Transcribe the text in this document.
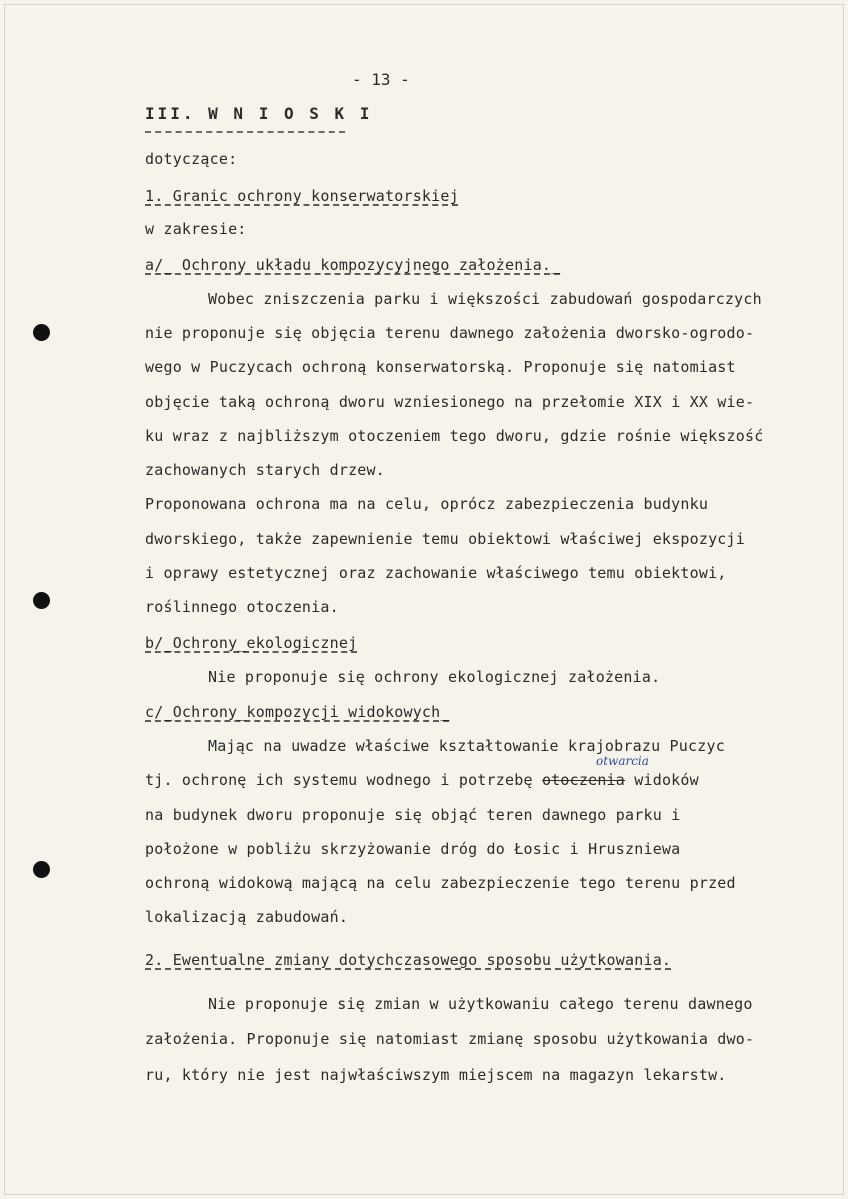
- 13 -
III. W N I O S K I
dotyczące:
1. Granic ochrony konserwatorskiej
w zakresie:
a/_ Ochrony układu kompozycyjnego założenia._
Wobec zniszczenia parku i większości zabudowań gospodarczych
nie proponuje się objęcia terenu dawnego założenia dworsko-ogrodo-
wego w Puczycach ochroną konserwatorską. Proponuje się natomiast
objęcie taką ochroną dworu wzniesionego na przełomie XIX i XX wie-
ku wraz z najbliższym otoczeniem tego dworu, gdzie rośnie większość
zachowanych starych drzew.
Proponowana ochrona ma na celu, oprócz zabezpieczenia budynku
dworskiego, także zapewnienie temu obiektowi właściwej ekspozycji
i oprawy estetycznej oraz zachowanie właściwego temu obiektowi,
roślinnego otoczenia.
b/_Ochrony_ekologicznej
Nie proponuje się ochrony ekologicznej założenia.
c/_Ochrony_kompozycji widokowych_
Mając na uwadze właściwe kształtowanie krajobrazu Puczyc
otwarcia
tj. ochronę ich systemu wodnego i potrzebę otoczenia widoków
na budynek dworu proponuje się objąć teren dawnego parku i
położone w pobliżu skrzyżowanie dróg do Łosic i Hruszniewa
ochroną widokową mającą na celu zabezpieczenie tego terenu przed
lokalizacją zabudowań.
2. Ewentualne zmiany dotychczasowego sposobu użytkowania.
Nie proponuje się zmian w użytkowaniu całego terenu dawnego
założenia. Proponuje się natomiast zmianę sposobu użytkowania dwo-
ru, który nie jest najwłaściwszym miejscem na magazyn lekarstw.
